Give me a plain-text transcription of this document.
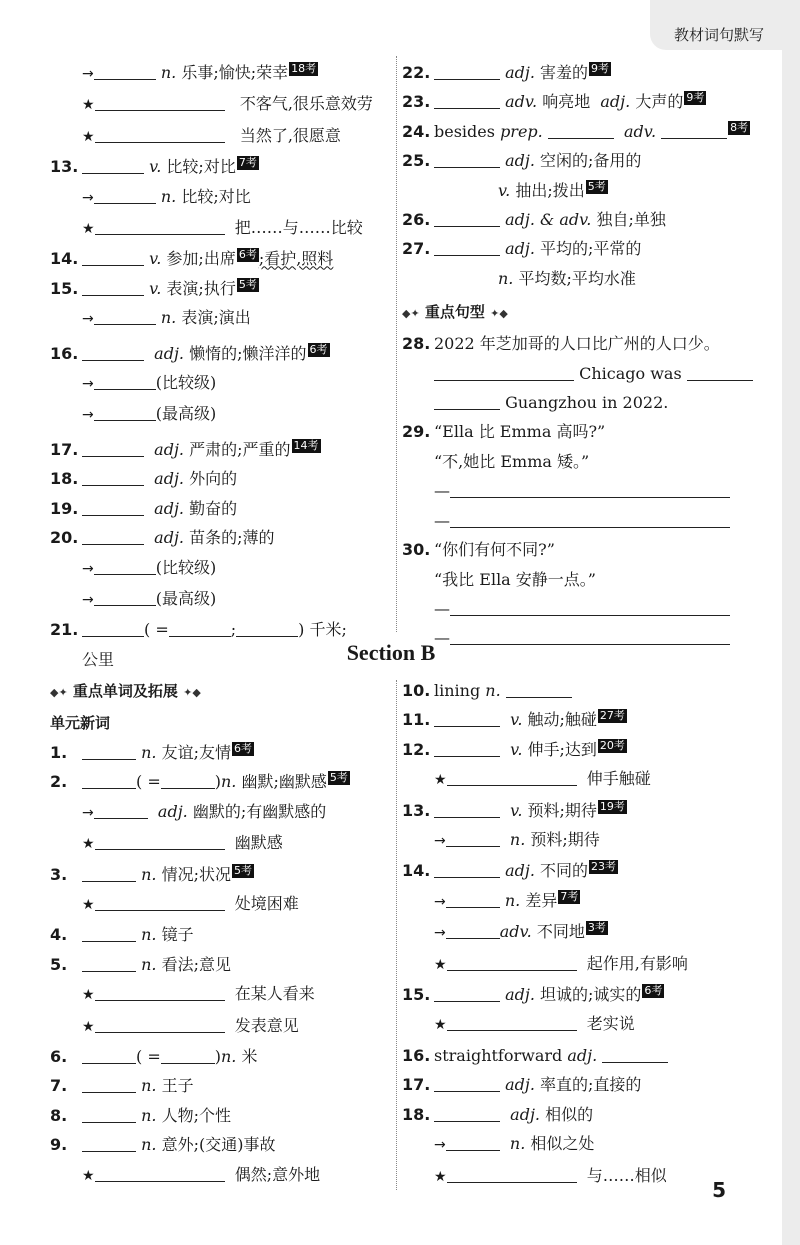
教材词句默写
→	n. 乐事;愉快;荣幸 18考
★	不客气,很乐意效劳
★	当然了,很愿意
13.	v. 比较;对比 7考
→	n. 比较;对比
★	把……与……比较
14.	v. 参加;出席 6考 ;看护,照料
15.	v. 表演;执行 5考
→	n. 表演;演出
16.	adj. 懒惰的;懒洋洋的 6考
→	(比较级)
→	(最高级)
17.	adj. 严肃的;严重的 14考
18.	adj. 外向的
19.	adj. 勤奋的
20.	adj. 苗条的;薄的
→	(比较级)
→	(最高级)
21.	( =	;	) 千米;
公里
22.	adj. 害羞的 9考
23.	adv. 响亮地 adj. 大声的 9考
24. besides prep.	adv.	8考
25.	adj. 空闲的;备用的
v. 抽出;拨出 5考
26.	adj. & adv. 独自;单独
27.	adj. 平均的;平常的
n. 平均数;平均水准
◆✦ 重点句型 ✦◆
28. 2022 年芝加哥的人口比广州的人口少。
Chicago was
Guangzhou in 2022.
29. “Ella 比 Emma 高吗?”
“不,她比 Emma 矮。”
—
—
30. “你们有何不同?”
“我比 Ella 安静一点。”
—
—
Section B
◆✦ 重点单词及拓展 ✦◆
单元新词
1.	n. 友谊;友情 6考
2.	( =	)n. 幽默;幽默感 5考
→	adj. 幽默的;有幽默感的
★	幽默感
3.	n. 情况;状况 5考
★	处境困难
4.	n. 镜子
5.	n. 看法;意见
★	在某人看来
★	发表意见
6.	( =	)n. 米
7.	n. 王子
8.	n. 人物;个性
9.	n. 意外;(交通)事故
★	偶然;意外地
10. lining n.
11.	v. 触动;触碰 27考
12.	v. 伸手;达到 20考
★	伸手触碰
13.	v. 预料;期待 19考
→	n. 预料;期待
14.	adj. 不同的 23考
→	n. 差异 7考
→	adv. 不同地 3考
★	起作用,有影响
15.	adj. 坦诚的;诚实的 6考
★	老实说
16. straightforward adj.
17.	adj. 率直的;直接的
18.	adj. 相似的
→	n. 相似之处
★	与……相似
5
